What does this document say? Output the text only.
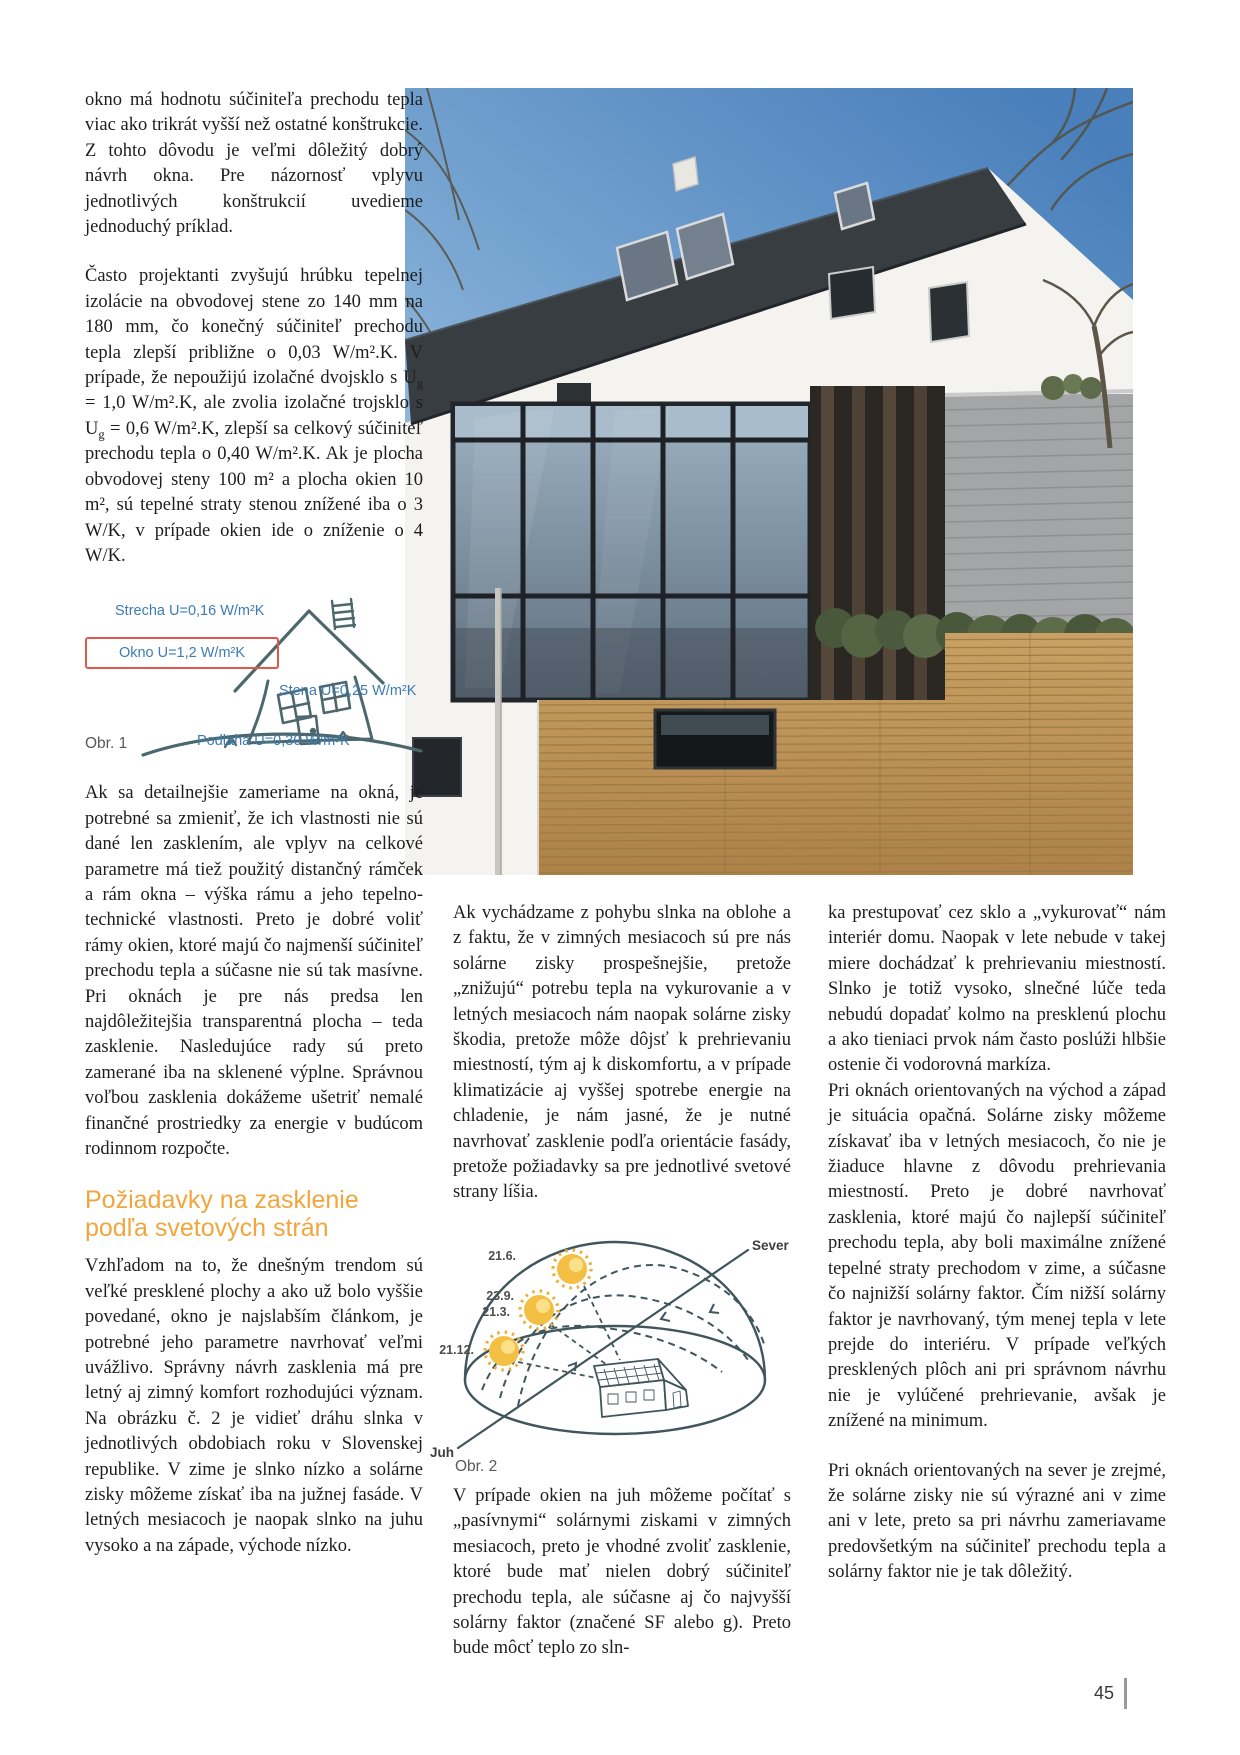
okno má hodnotu súčiniteľa prechodu tepla viac ako trikrát vyšší než ostatné konštrukcie. Z tohto dôvodu je veľmi dôležitý dobrý návrh okna. Pre názornosť vplyvu jednotlivých konštrukcií uvedieme jednoduchý príklad.

Často projektanti zvyšujú hrúbku tepelnej izolácie na obvodovej stene zo 140 mm na 180 mm, čo konečný súčiniteľ prechodu tepla zlepší približne o 0,03 W/m².K. V prípade, že nepoužijú izolačné dvojsklo s $U_g = 1,0$ W/m².K, ale zvolia izolačné trojsklo s $U_g = 0,6$ W/m².K, zlepší sa celkový súčiniteľ prechodu tepla o 0,40 W/m².K. Ak je plocha obvodovej steny 100 m² a plocha okien 10 m², sú tepelné straty stenou znížené iba o 3 W/K, v prípade okien ide o zníženie o 4 W/K.

Strecha U=0,16 W/m²K
Okno U=1,2 W/m²K
Stena U=0,25 W/m²K
Podlaha U=0,30 W/m²K
Obr. 1

Ak sa detailnejšie zameriame na okná, je potrebné sa zmieniť, že ich vlastnosti nie sú dané len zasklením, ale vplyv na celkové parametre má tiež použitý distančný rámček a rám okna – výška rámu a jeho tepelno-technické vlastnosti. Preto je dobré voliť rámy okien, ktoré majú čo najmenší súčiniteľ prechodu tepla a súčasne nie sú tak masívne. Pri oknách je pre nás predsa len najdôležitejšia transparentná plocha – teda zasklenie. Nasledujúce rady sú preto zamerané iba na sklenené výplne. Správnou voľbou zasklenia dokážeme ušetriť nemalé finančné prostriedky za energie v budúcom rodinnom rozpočte.

Požiadavky na zasklenie podľa svetových strán

Vzhľadom na to, že dnešným trendom sú veľké presklené plochy a ako už bolo vyššie povedané, okno je najslabším článkom, je potrebné jeho parametre navrhovať veľmi uvážlivo. Správny návrh zasklenia má pre letný aj zimný komfort rozhodujúci význam. Na obrázku č. 2 je vidieť dráhu slnka v jednotlivých obdobiach roku v Slovenskej republike. V zime je slnko nízko a solárne zisky môžeme získať iba na južnej fasáde. V letných mesiacoch je naopak slnko na juhu vysoko a na západe, východe nízko.

Ak vychádzame z pohybu slnka na oblohe a z faktu, že v zimných mesiacoch sú pre nás solárne zisky prospešnejšie, pretože „znižujú“ potrebu tepla na vykurovanie a v letných mesiacoch nám naopak solárne zisky škodia, pretože môže dôjsť k prehrievaniu miestností, tým aj k diskomfortu, a v prípade klimatizácie aj vyššej spotrebe energie na chladenie, je nám jasné, že je nutné navrhovať zasklenie podľa orientácie fasády, pretože požiadavky sa pre jednotlivé svetové strany líšia.

21.6.
23.9.
21.3.
21.12.
Juh
Sever
Obr. 2

V prípade okien na juh môžeme počítať s „pasívnymi“ solárnymi ziskami v zimných mesiacoch, preto je vhodné zvoliť zasklenie, ktoré bude mať nielen dobrý súčiniteľ prechodu tepla, ale súčasne aj čo najvyšší solárny faktor (značené SF alebo g). Preto bude môcť teplo zo sln-

ka prestupovať cez sklo a „vykurovať“ nám interiér domu. Naopak v lete nebude v takej miere dochádzať k prehrievaniu miestností. Slnko je totiž vysoko, slnečné lúče teda nebudú dopadať kolmo na presklenú plochu a ako tieniaci prvok nám často poslúži hlbšie ostenie či vodorovná markíza.

Pri oknách orientovaných na východ a západ je situácia opačná. Solárne zisky môžeme získavať iba v letných mesiacoch, čo nie je žiaduce hlavne z dôvodu prehrievania miestností. Preto je dobré navrhovať zasklenia, ktoré majú čo najlepší súčiniteľ prechodu tepla, aby boli maximálne znížené tepelné straty prechodom v zime, a súčasne čo najnižší solárny faktor. Čím nižší solárny faktor je navrhovaný, tým menej tepla v lete prejde do interiéru. V prípade veľkých presklených plôch ani pri správnom návrhu nie je vylúčené prehrievanie, avšak je znížené na minimum.

Pri oknách orientovaných na sever je zrejmé, že solárne zisky nie sú výrazné ani v zime ani v lete, preto sa pri návrhu zameriavame predovšetkým na súčiniteľ prechodu tepla a solárny faktor nie je tak dôležitý.

45
